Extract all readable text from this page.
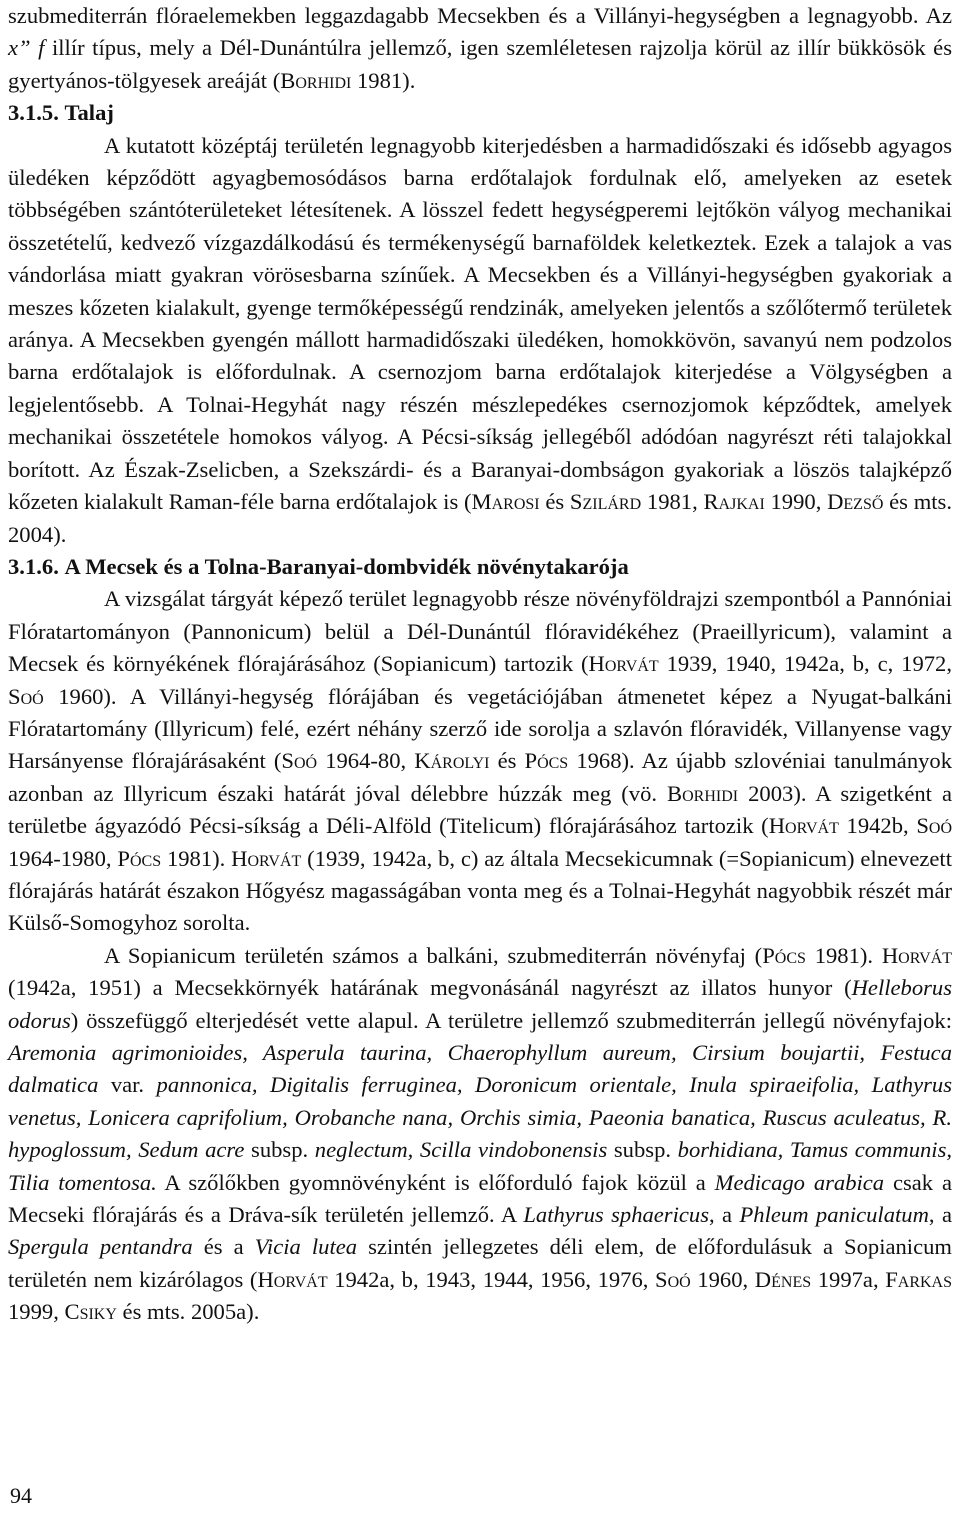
szubmediterrán flóraelemekben leggazdagabb Mecsekben és a Villányi-hegységben a legnagyobb. Az x” f illír típus, mely a Dél-Dunántúlra jellemző, igen szemléletesen rajzolja körül az illír bükkösök és gyertyános-tölgyesek areáját (Borhidi 1981).

3.1.5. Talaj

A kutatott középtáj területén legnagyobb kiterjedésben a harmadidőszaki és idősebb agyagos üledéken képződött agyagbemosódásos barna erdőtalajok fordulnak elő, amelyeken az esetek többségében szántóterületeket létesítenek. A lösszel fedett hegységperemi lejtőkön vályog mechanikai összetételű, kedvező vízgazdálkodású és termékenységű barnaföldek keletkeztek. Ezek a talajok a vas vándorlása miatt gyakran vörösesbarna színűek. A Mecsekben és a Villányi-hegységben gyakoriak a meszes kőzeten kialakult, gyenge termőképességű rendzinák, amelyeken jelentős a szőlőtermő területek aránya. A Mecsekben gyengén mállott harmadidőszaki üledéken, homokkövön, savanyú nem podzolos barna erdőtalajok is előfordulnak. A csernozjom barna erdőtalajok kiterjedése a Völgységben a legjelentősebb. A Tolnai-Hegyhát nagy részén mészlepedékes csernozjomok képződtek, amelyek mechanikai összetétele homokos vályog. A Pécsi-síkság jellegéből adódóan nagyrészt réti talajokkal borított. Az Észak-Zselicben, a Szekszárdi- és a Baranyai-dombságon gyakoriak a löszös talajképző kőzeten kialakult Raman-féle barna erdőtalajok is (Marosi és Szilárd 1981, Rajkai 1990, Dezső és mts. 2004).

3.1.6. A Mecsek és a Tolna-Baranyai-dombvidék növénytakarója

A vizsgálat tárgyát képező terület legnagyobb része növényföldrajzi szempontból a Pannóniai Flóratartományon (Pannonicum) belül a Dél-Dunántúl flóravidékéhez (Praeillyricum), valamint a Mecsek és környékének flórajárásához (Sopianicum) tartozik (Horvát 1939, 1940, 1942a, b, c, 1972, Soó 1960). A Villányi-hegység flórájában és vegetációjában átmenetet képez a Nyugat-balkáni Flóratartomány (Illyricum) felé, ezért néhány szerző ide sorolja a szlavón flóravidék, Villanyense vagy Harsányense flórajárásaként (Soó 1964-80, Károlyi és Pócs 1968). Az újabb szlovéniai tanulmányok azonban az Illyricum északi határát jóval délebbre húzzák meg (vö. Borhidi 2003). A szigetként a területbe ágyazódó Pécsi-síkság a Déli-Alföld (Titelicum) flórajárásához tartozik (Horvát 1942b, Soó 1964-1980, Pócs 1981). Horvát (1939, 1942a, b, c) az általa Mecsekicumnak (=Sopianicum) elnevezett flórajárás határát északon Hőgyész magasságában vonta meg és a Tolnai-Hegyhát nagyobbik részét már Külső-Somogyhoz sorolta.

A Sopianicum területén számos a balkáni, szubmediterrán növényfaj (Pócs 1981). Horvát (1942a, 1951) a Mecsekkörnyék határának megvonásánál nagyrészt az illatos hunyor (Helleborus odorus) összefüggő elterjedését vette alapul. A területre jellemző szubmediterrán jellegű növényfajok: Aremonia agrimonioides, Asperula taurina, Chaerophyllum aureum, Cirsium boujartii, Festuca dalmatica var. pannonica, Digitalis ferruginea, Doronicum orientale, Inula spiraeifolia, Lathyrus venetus, Lonicera caprifolium, Orobanche nana, Orchis simia, Paeonia banatica, Ruscus aculeatus, R. hypoglossum, Sedum acre subsp. neglectum, Scilla vindobonensis subsp. borhidiana, Tamus communis, Tilia tomentosa. A szőlőkben gyomnövényként is előforduló fajok közül a Medicago arabica csak a Mecseki flórajárás és a Dráva-sík területén jellemző. A Lathyrus sphaericus, a Phleum paniculatum, a Spergula pentandra és a Vicia lutea szintén jellegzetes déli elem, de előfordulásuk a Sopianicum területén nem kizárólagos (Horvát 1942a, b, 1943, 1944, 1956, 1976, Soó 1960, Dénes 1997a, Farkas 1999, Csiky és mts. 2005a).

94
